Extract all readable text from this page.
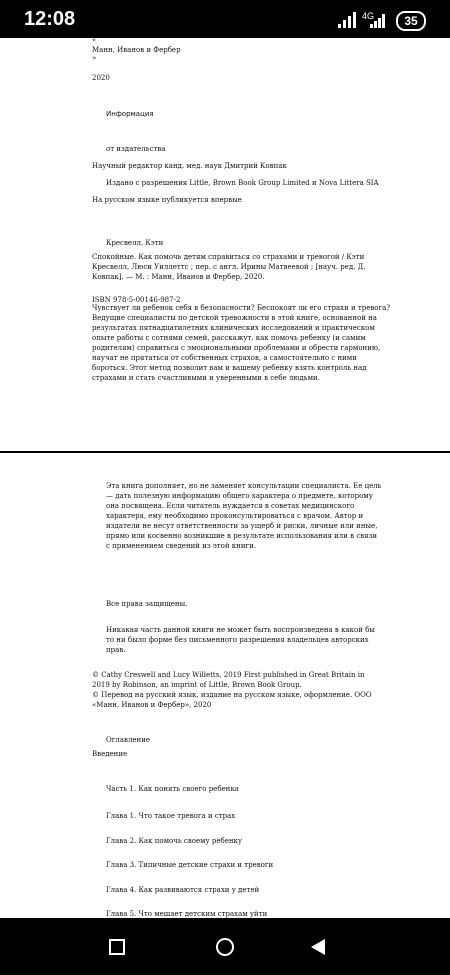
12:08	4G	35
«
Манн, Иванов и Фербер
»
2020
Информация
от издательства
Научный редактор канд. мед. наук Дмитрий Ковпак
Издано с разрешения Little, Brown Book Group Limited и Nova Littera SIA
На русском языке публикуется впервые
Кресвелл, Кэти
Спокойные. Как помочь детям справиться со страхами и тревогой / Кэти Кресвелл, Люси Уиллеттс ; пер. с англ. Ирины Матвеевой ; [науч. ред. Д. Ковпак]. — М. : Манн, Иванов и Фербер, 2020.
ISBN 978-5-00146-987-2
Чувствует ли ребенок себя в безопасности? Беспокоят ли его страхи и тревога? Ведущие специалисты по детской тревожности в этой книге, основанной на результатах пятнадцатилетних клинических исследований и практическом опыте работы с сотнями семей, расскажут, как помочь ребенку (и самим родителям) справиться с эмоциональными проблемами и обрести гармонию, научат не прятаться от собственных страхов, а самостоятельно с ними бороться. Этот метод позволит вам и вашему ребенку взять контроль над страхами и стать счастливыми и уверенными в себе людьми.
Эта книга дополняет, но не заменяет консультации специалиста. Ее цель — дать полезную информацию общего характера о предмете, которому она посвящена. Если читатель нуждается в советах медицинского характера, ему необходимо проконсультироваться с врачом. Автор и издатели не несут ответственности за ущерб и риски, личные или иные, прямо или косвенно возникшие в результате использования или в связи с применением сведений из этой книги.
Все права защищены.
Никакая часть данной книги не может быть воспроизведена в какой бы то ни было форме без письменного разрешения владельцев авторских прав.
© Cathy Creswell and Lucy Willetts, 2019 First published in Great Britain in 2019 by Robinson, an imprint of Little, Brown Book Group.
© Перевод на русский язык, издание на русском языке, оформление. ООО «Манн, Иванов и Фербер», 2020
Оглавление
Введение
Часть 1. Как понять своего ребенка
Глава 1. Что такое тревога и страх
Глава 2. Как помочь своему ребенку
Глава 3. Типичные детские страхи и тревоги
Глава 4. Как развиваются страхи у детей
Глава 5. Что мешает детским страхам уйти
